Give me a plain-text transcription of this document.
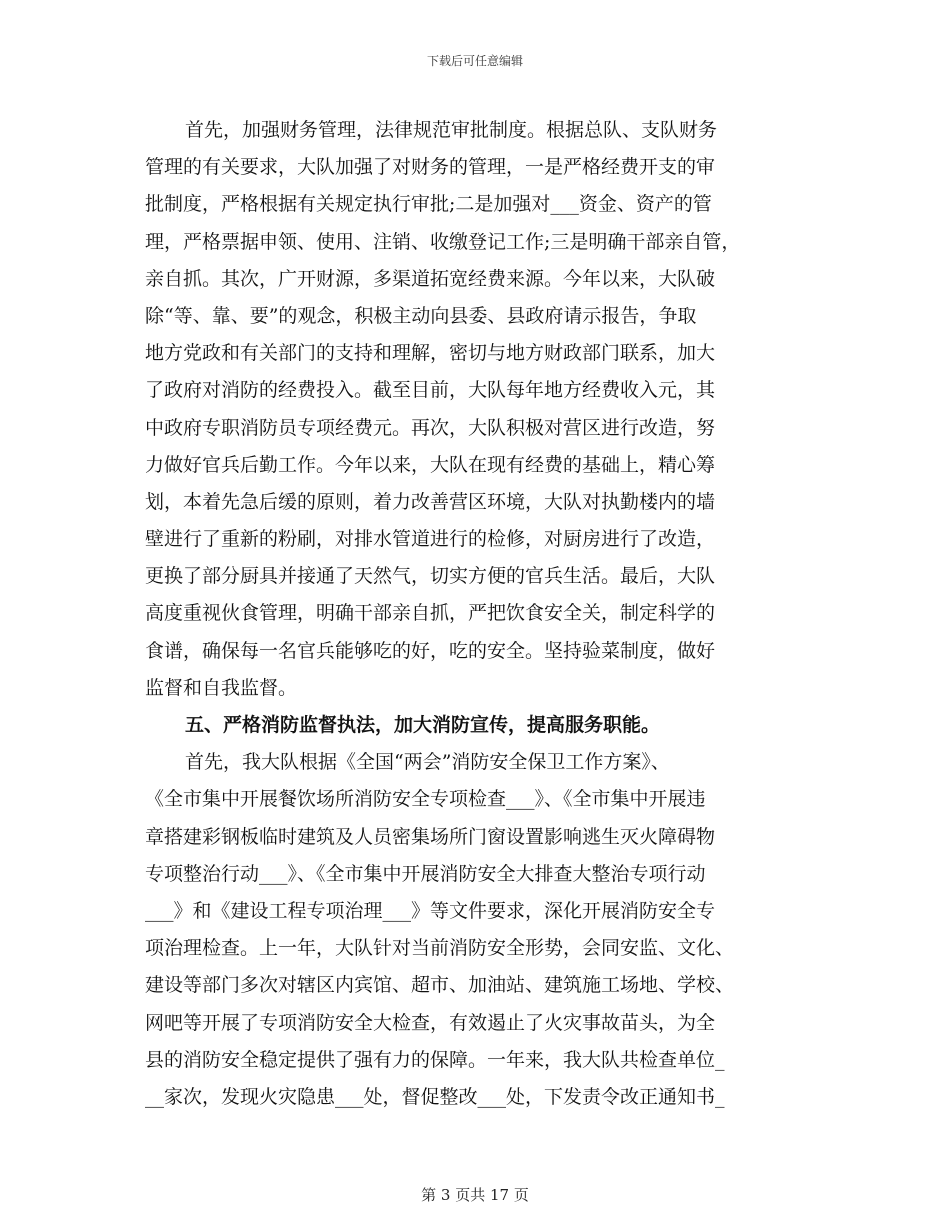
下载后可任意编辑
首先，加强财务管理，法律规范审批制度。根据总队、支队财务
管理的有关要求，大队加强了对财务的管理，一是严格经费开支的审
批制度，严格根据有关规定执行审批;二是加强对___资金、资产的管
理，严格票据申领、使用、注销、收缴登记工作;三是明确干部亲自管，
亲自抓。其次，广开财源，多渠道拓宽经费来源。今年以来，大队破
除“等、靠、要”的观念，积极主动向县委、县政府请示报告，争取
地方党政和有关部门的支持和理解，密切与地方财政部门联系，加大
了政府对消防的经费投入。截至目前，大队每年地方经费收入元，其
中政府专职消防员专项经费元。再次，大队积极对营区进行改造，努
力做好官兵后勤工作。今年以来，大队在现有经费的基础上，精心筹
划，本着先急后缓的原则，着力改善营区环境，大队对执勤楼内的墙
壁进行了重新的粉刷，对排水管道进行的检修，对厨房进行了改造，
更换了部分厨具并接通了天然气，切实方便的官兵生活。最后，大队
高度重视伙食管理，明确干部亲自抓，严把饮食安全关，制定科学的
食谱，确保每一名官兵能够吃的好，吃的安全。坚持验菜制度，做好
监督和自我监督。
五、严格消防监督执法，加大消防宣传，提高服务职能。
首先，我大队根据《全国“两会”消防安全保卫工作方案》、
《全市集中开展餐饮场所消防安全专项检查___》、《全市集中开展违
章搭建彩钢板临时建筑及人员密集场所门窗设置影响逃生灭火障碍物
专项整治行动___》、《全市集中开展消防安全大排查大整治专项行动
___》和《建设工程专项治理___》等文件要求，深化开展消防安全专
项治理检查。上一年，大队针对当前消防安全形势，会同安监、文化、
建设等部门多次对辖区内宾馆、超市、加油站、建筑施工场地、学校、
网吧等开展了专项消防安全大检查，有效遏止了火灾事故苗头，为全
县的消防安全稳定提供了强有力的保障。一年来，我大队共检查单位_
__家次，发现火灾隐患___处，督促整改___处，下发责令改正通知书_
第 3 页共 17 页
